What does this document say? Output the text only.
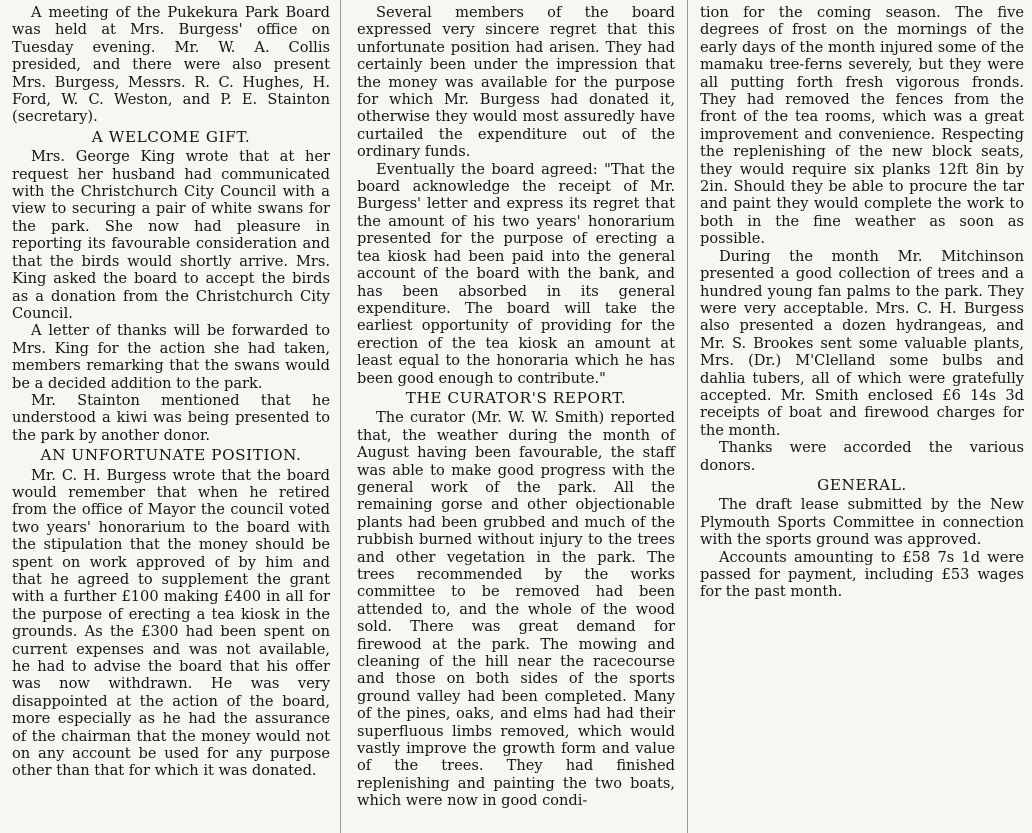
A meeting of the Pukekura Park Board was held at Mrs. Burgess' office on Tuesday evening. Mr. W. A. Collis presided, and there were also present Mrs. Burgess, Messrs. R. C. Hughes, H. Ford, W. C. Weston, and P. E. Stainton (secretary).

A WELCOME GIFT.

Mrs. George King wrote that at her request her husband had communicated with the Christchurch City Council with a view to securing a pair of white swans for the park. She now had pleasure in reporting its favourable consideration and that the birds would shortly arrive. Mrs. King asked the board to accept the birds as a donation from the Christchurch City Council.

A letter of thanks will be forwarded to Mrs. King for the action she had taken, members remarking that the swans would be a decided addition to the park.

Mr. Stainton mentioned that he understood a kiwi was being presented to the park by another donor.

AN UNFORTUNATE POSITION.

Mr. C. H. Burgess wrote that the board would remember that when he retired from the office of Mayor the council voted two years' honorarium to the board with the stipulation that the money should be spent on work approved of by him and that he agreed to supplement the grant with a further £100 making £400 in all for the purpose of erecting a tea kiosk in the grounds. As the £300 had been spent on current expenses and was not available, he had to advise the board that his offer was now withdrawn. He was very disappointed at the action of the board, more especially as he had the assurance of the chairman that the money would not on any account be used for any purpose other than that for which it was donated.

Several members of the board expressed very sincere regret that this unfortunate position had arisen. They had certainly been under the impression that the money was available for the purpose for which Mr. Burgess had donated it, otherwise they would most assuredly have curtailed the expenditure out of the ordinary funds.

Eventually the board agreed: "That the board acknowledge the receipt of Mr. Burgess' letter and express its regret that the amount of his two years' honorarium presented for the purpose of erecting a tea kiosk had been paid into the general account of the board with the bank, and has been absorbed in its general expenditure. The board will take the earliest opportunity of providing for the erection of the tea kiosk an amount at least equal to the honoraria which he has been good enough to contribute."

THE CURATOR'S REPORT.

The curator (Mr. W. W. Smith) reported that, the weather during the month of August having been favourable, the staff was able to make good progress with the general work of the park. All the remaining gorse and other objectionable plants had been grubbed and much of the rubbish burned without injury to the trees and other vegetation in the park. The trees recommended by the works committee to be removed had been attended to, and the whole of the wood sold. There was great demand for firewood at the park. The mowing and cleaning of the hill near the racecourse and those on both sides of the sports ground valley had been completed. Many of the pines, oaks, and elms had had their superfluous limbs removed, which would vastly improve the growth form and value of the trees. They had finished replenishing and painting the two boats, which were now in good condi-

tion for the coming season. The five degrees of frost on the mornings of the early days of the month injured some of the mamaku tree-ferns severely, but they were all putting forth fresh vigorous fronds. They had removed the fences from the front of the tea rooms, which was a great improvement and convenience. Respecting the replenishing of the new block seats, they would require six planks 12ft 8in by 2in. Should they be able to procure the tar and paint they would complete the work to both in the fine weather as soon as possible.

During the month Mr. Mitchinson presented a good collection of trees and a hundred young fan palms to the park. They were very acceptable. Mrs. C. H. Burgess also presented a dozen hydrangeas, and Mr. S. Brookes sent some valuable plants, Mrs. (Dr.) M'Clelland some bulbs and dahlia tubers, all of which were gratefully accepted. Mr. Smith enclosed £6 14s 3d receipts of boat and firewood charges for the month.

Thanks were accorded the various donors.

GENERAL.

The draft lease submitted by the New Plymouth Sports Committee in connection with the sports ground was approved.

Accounts amounting to £58 7s 1d were passed for payment, including £53 wages for the past month.
